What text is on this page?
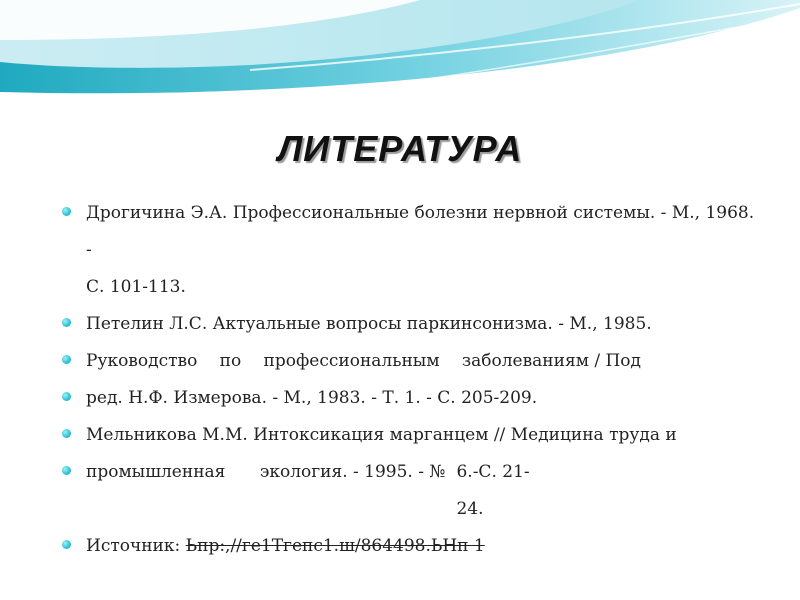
ЛИТЕРАТУРА
Дрогичина Э.А. Профессиональные болезни нервной системы. - М., 1968. -
С. 101-113.
Петелин Л.С. Актуальные вопросы паркинсонизма. - М., 1985.
Руководство по профессиональным заболеваниям / Под
ред. Н.Ф. Измерова. - М., 1983. - Т. 1. - С. 205-209.
Мельникова М.М. Интоксикация марганцем // Медицина труда и
промышленная	экология. - 1995. - № 6.-С. 21-24.
Источник: Ьпр:,//ге1Тгепс1.ш/864498.ЬНп 1
